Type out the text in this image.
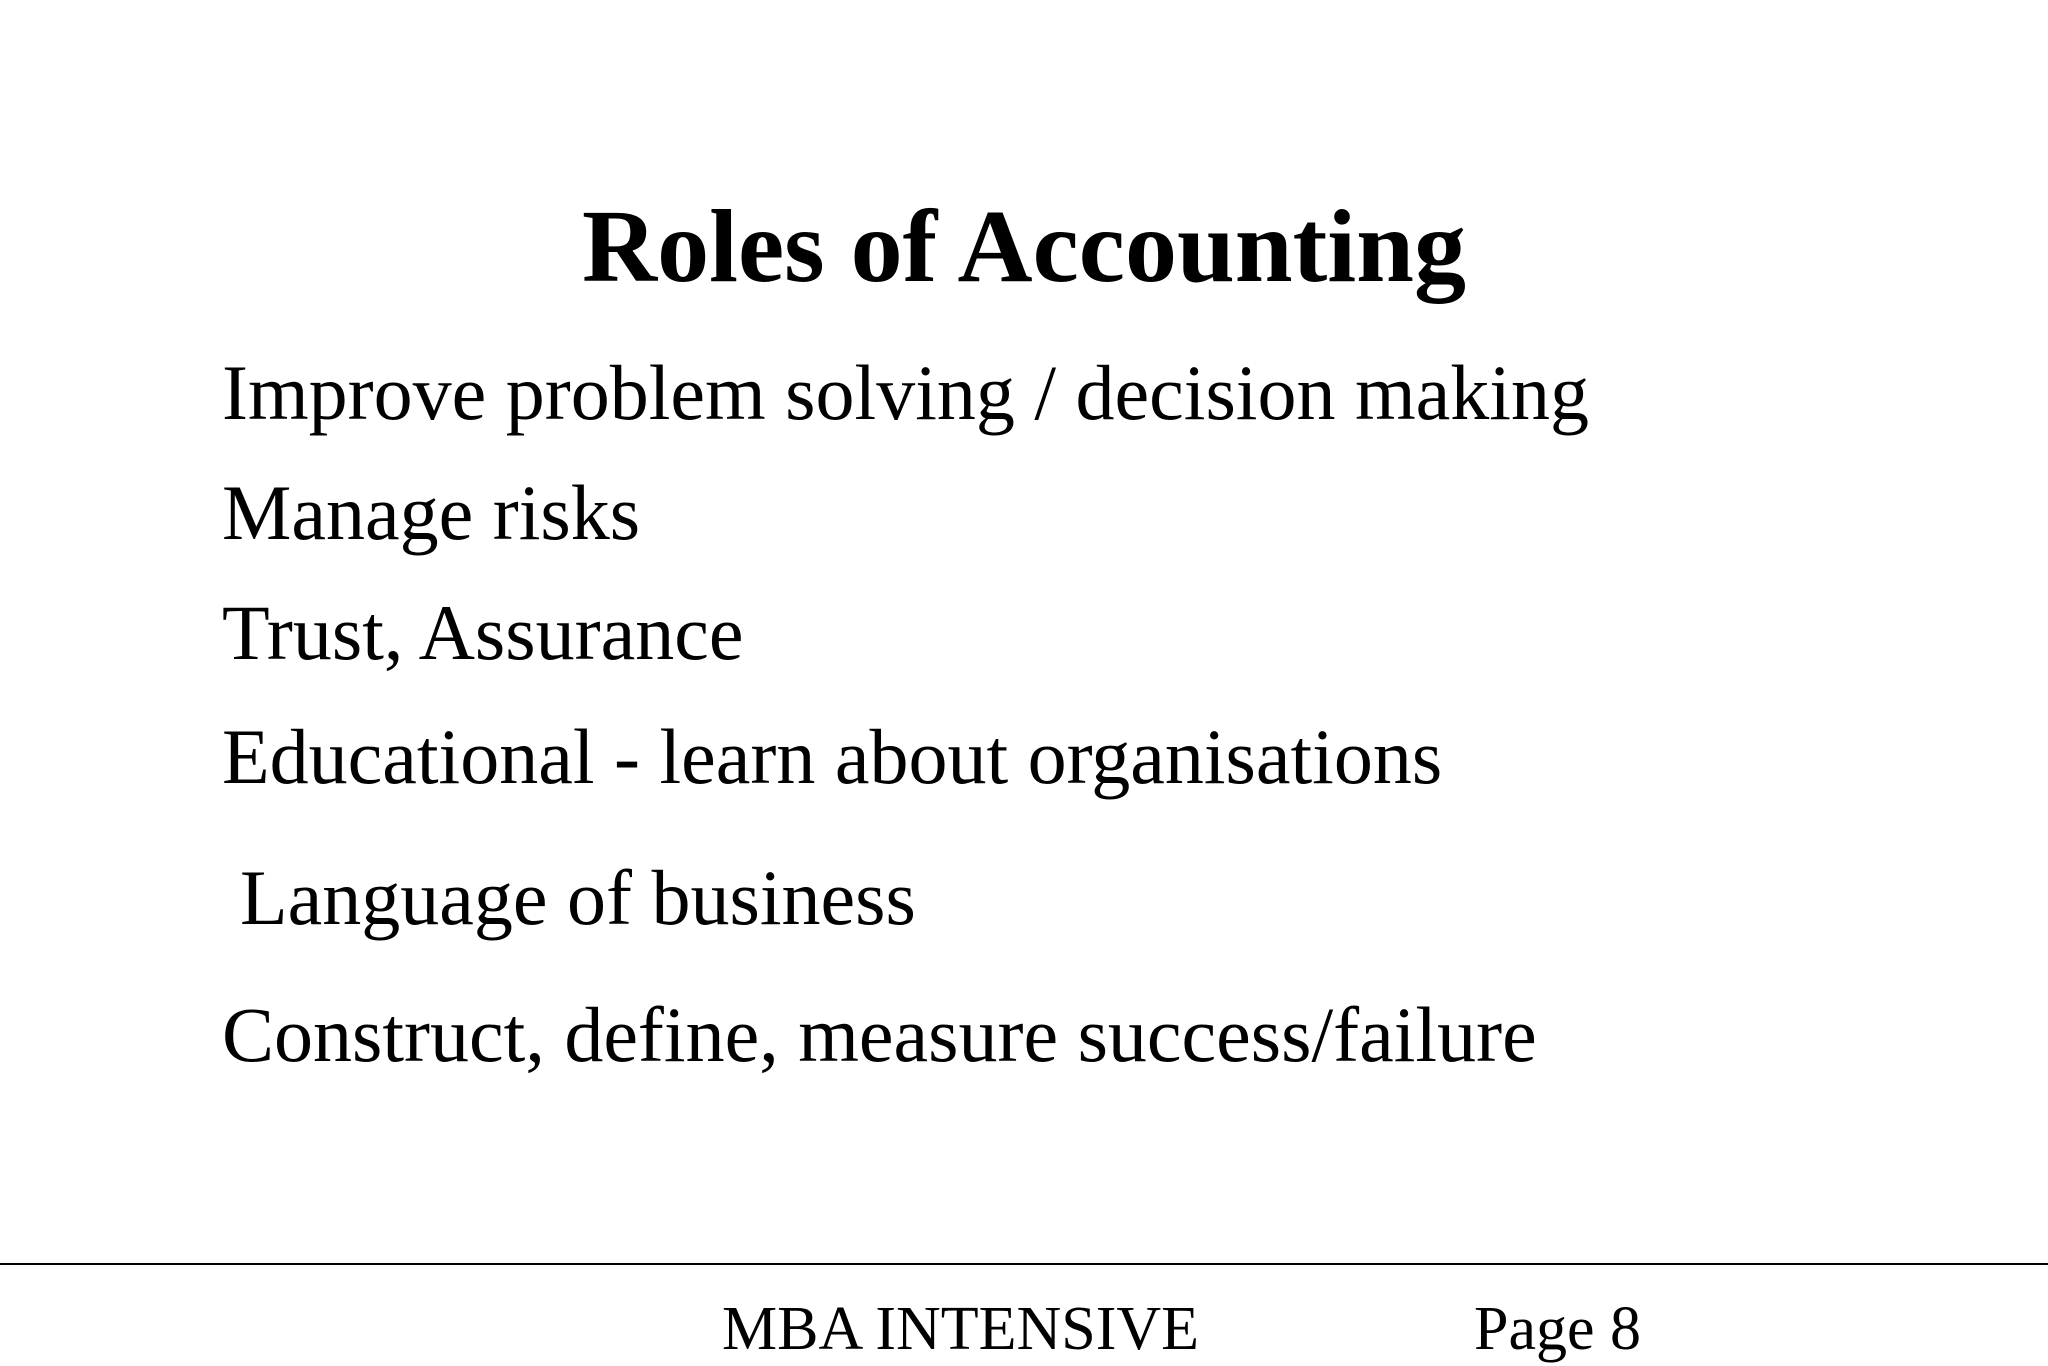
Roles of Accounting
Improve problem solving / decision making
Manage risks
Trust, Assurance
Educational - learn about organisations
Language of business
Construct, define, measure success/failure
MBA INTENSIVE	Page 8
